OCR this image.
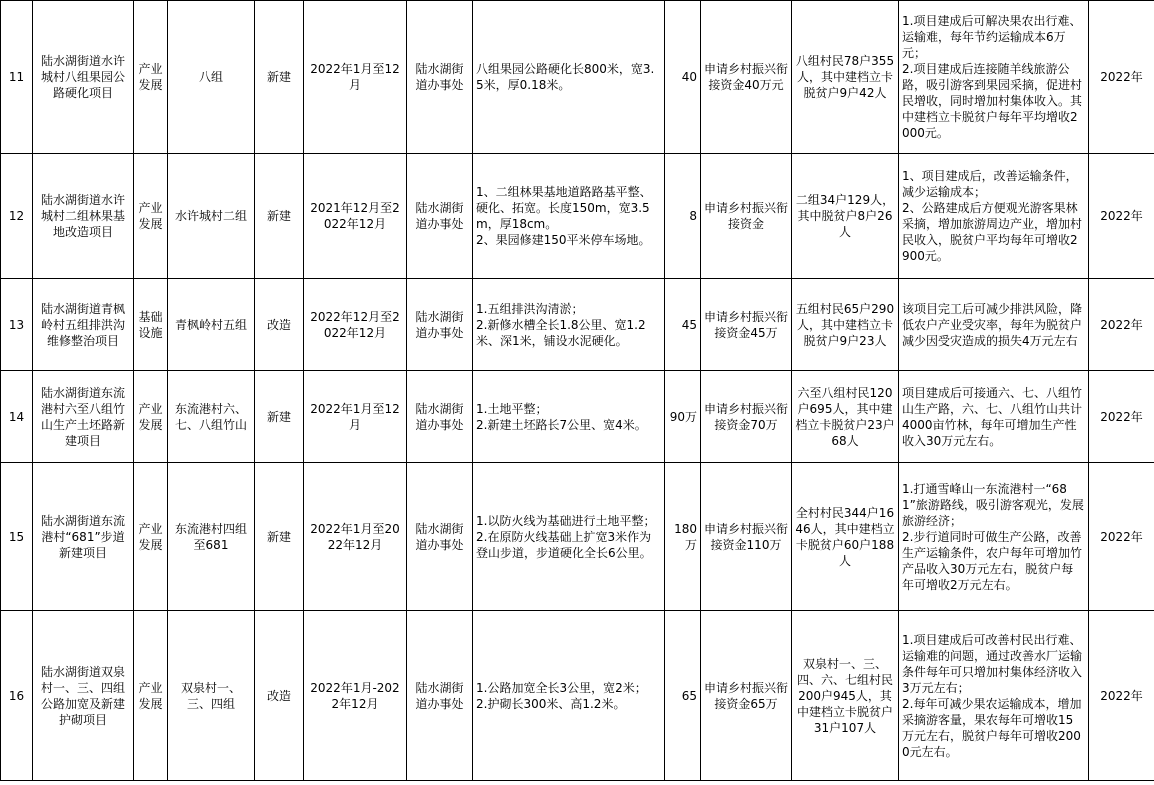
11	陆水湖街道水许城村八组果园公路硬化项目	产业发展	八组	新建	2022年1月至12月	陆水湖街道办事处	八组果园公路硬化长800米，宽3.5米，厚0.18米。	40	申请乡村振兴衔接资金40万元	八组村民78户355人，其中建档立卡脱贫户9户42人	1.项目建成后可解决果农出行难、运输难，每年节约运输成本6万元；
2.项目建成后连接随羊线旅游公路，吸引游客到果园采摘，促进村民增收，同时增加村集体收入。其中建档立卡脱贫户每年平均增收2000元。	2022年
12	陆水湖街道水许城村二组林果基地改造项目	产业发展	水许城村二组	新建	2021年12月至2022年12月	陆水湖街道办事处	1、二组林果基地道路路基平整、硬化、拓宽。长度150m，宽3.5m，厚18cm。
2、果园修建150平米停车场地。	8	申请乡村振兴衔接资金	二组34户129人，其中脱贫户8户26人	1、项目建成后，改善运输条件，减少运输成本；
2、公路建成后方便观光游客果林采摘，增加旅游周边产业，增加村民收入，脱贫户平均每年可增收2900元。	2022年
13	陆水湖街道青枫岭村五组排洪沟维修整治项目	基础设施	青枫岭村五组	改造	2022年12月至2022年12月	陆水湖街道办事处	1.五组排洪沟清淤；
2.新修水槽全长1.8公里、宽1.2米、深1米，铺设水泥硬化。	45	申请乡村振兴衔接资金45万	五组村民65户290人，其中建档立卡脱贫户9户23人	该项目完工后可减少排洪风险，降低农户产业受灾率，每年为脱贫户减少因受灾造成的损失4万元左右	2022年
14	陆水湖街道东流港村六至八组竹山生产土坯路新建项目	产业发展	东流港村六、七、八组竹山	新建	2022年1月至12月	陆水湖街道办事处	1.土地平整；
2.新建土坯路长7公里、宽4米。	90万	申请乡村振兴衔接资金70万	六至八组村民120户695人，其中建档立卡脱贫户23户68人	项目建成后可接通六、七、八组竹山生产路，六、七、八组竹山共计4000亩竹林，每年可增加生产性收入30万元左右。	2022年
15	陆水湖街道东流港村“681”步道新建项目	产业发展	东流港村四组至681	新建	2022年1月至2022年12月	陆水湖街道办事处	1.以防火线为基础进行土地平整；
2.在原防火线基础上扩宽3米作为登山步道，步道硬化全长6公里。	180万	申请乡村振兴衔接资金110万	全村村民344户1646人，其中建档立卡脱贫户60户188人	1.打通雪峰山一东流港村一“681”旅游路线，吸引游客观光，发展旅游经济；
2.步行道同时可做生产公路，改善生产运输条件，农户每年可增加竹产品收入30万元左右，脱贫户每年可增收2万元左右。	2022年
16	陆水湖街道双泉村一、三、四组公路加宽及新建护砌项目	产业发展	双泉村一、三、四组	改造	2022年1月-2022年12月	陆水湖街道办事处	1.公路加宽全长3公里，宽2米；
2.护砌长300米、高1.2米。	65	申请乡村振兴衔接资金65万	双泉村一、三、四、六、七组村民200户945人，其中建档立卡脱贫户31户107人	1.项目建成后可改善村民出行难、运输难的问题，通过改善水厂运输条件每年可只增加村集体经济收入3万元左右；
2.每年可减少果农运输成本，增加采摘游客量，果农每年可增收15万元左右，脱贫户每年可增收2000元左右。	2022年
